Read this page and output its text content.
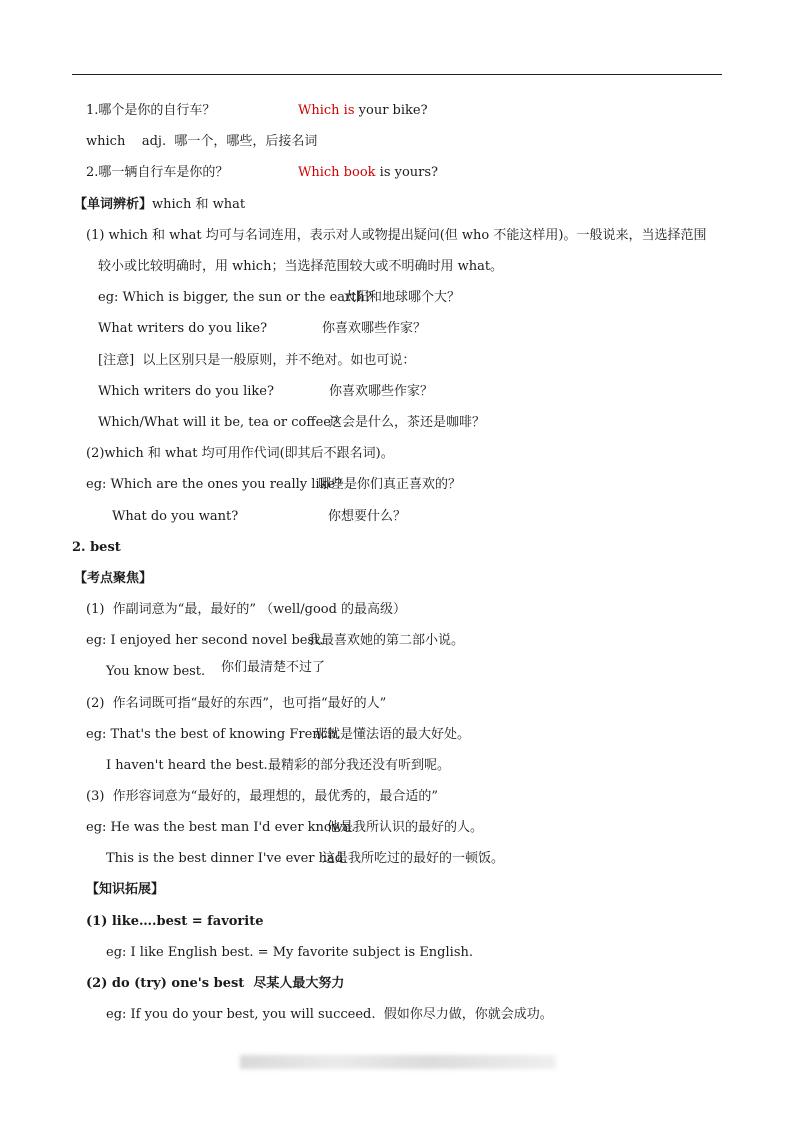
1.哪个是你的自行车？	Which is your bike?
which    adj.  哪一个，哪些，后接名词
2.哪一辆自行车是你的？	Which book is yours?
【单词辨析】which 和 what
(1) which 和 what 均可与名词连用，表示对人或物提出疑问(但 who 不能这样用)。一般说来，当选择范围
较小或比较明确时，用 which；当选择范围较大或不明确时用 what。
eg: Which is bigger, the sun or the earth?
太阳和地球哪个大？
What writers do you like?	你喜欢哪些作家？
[注意]  以上区别只是一般原则，并不绝对。如也可说：
Which writers do you like?	你喜欢哪些作家？
Which/What will it be, tea or coffee?
这会是什么，茶还是咖啡？
(2)which 和 what 均可用作代词(即其后不跟名词)。
eg: Which are the ones you really like?
哪些是你们真正喜欢的？
What do you want?	你想要什么？
2. best
【考点聚焦】
(1)  作副词意为“最，最好的” （well/good 的最高级）
eg: I enjoyed her second novel best.
我最喜欢她的第二部小说。
You know best. 你们最清楚不过了
(2)  作名词既可指“最好的东西”，也可指“最好的人”
eg: That's the best of knowing French.
那就是懂法语的最大好处。
I haven't heard the best. 最精彩的部分我还没有听到呢。
(3)  作形容词意为“最好的，最理想的，最优秀的，最合适的”
eg: He was the best man I'd ever known.
他是我所认识的最好的人。
This is the best dinner I've ever had.
这是我所吃过的最好的一顿饭。
【知识拓展】
(1) like….best = favorite
eg: I like English best. = My favorite subject is English.
(2) do (try) one's best  尽某人最大努力
eg: If you do your best, you will succeed.  假如你尽力做，你就会成功。
